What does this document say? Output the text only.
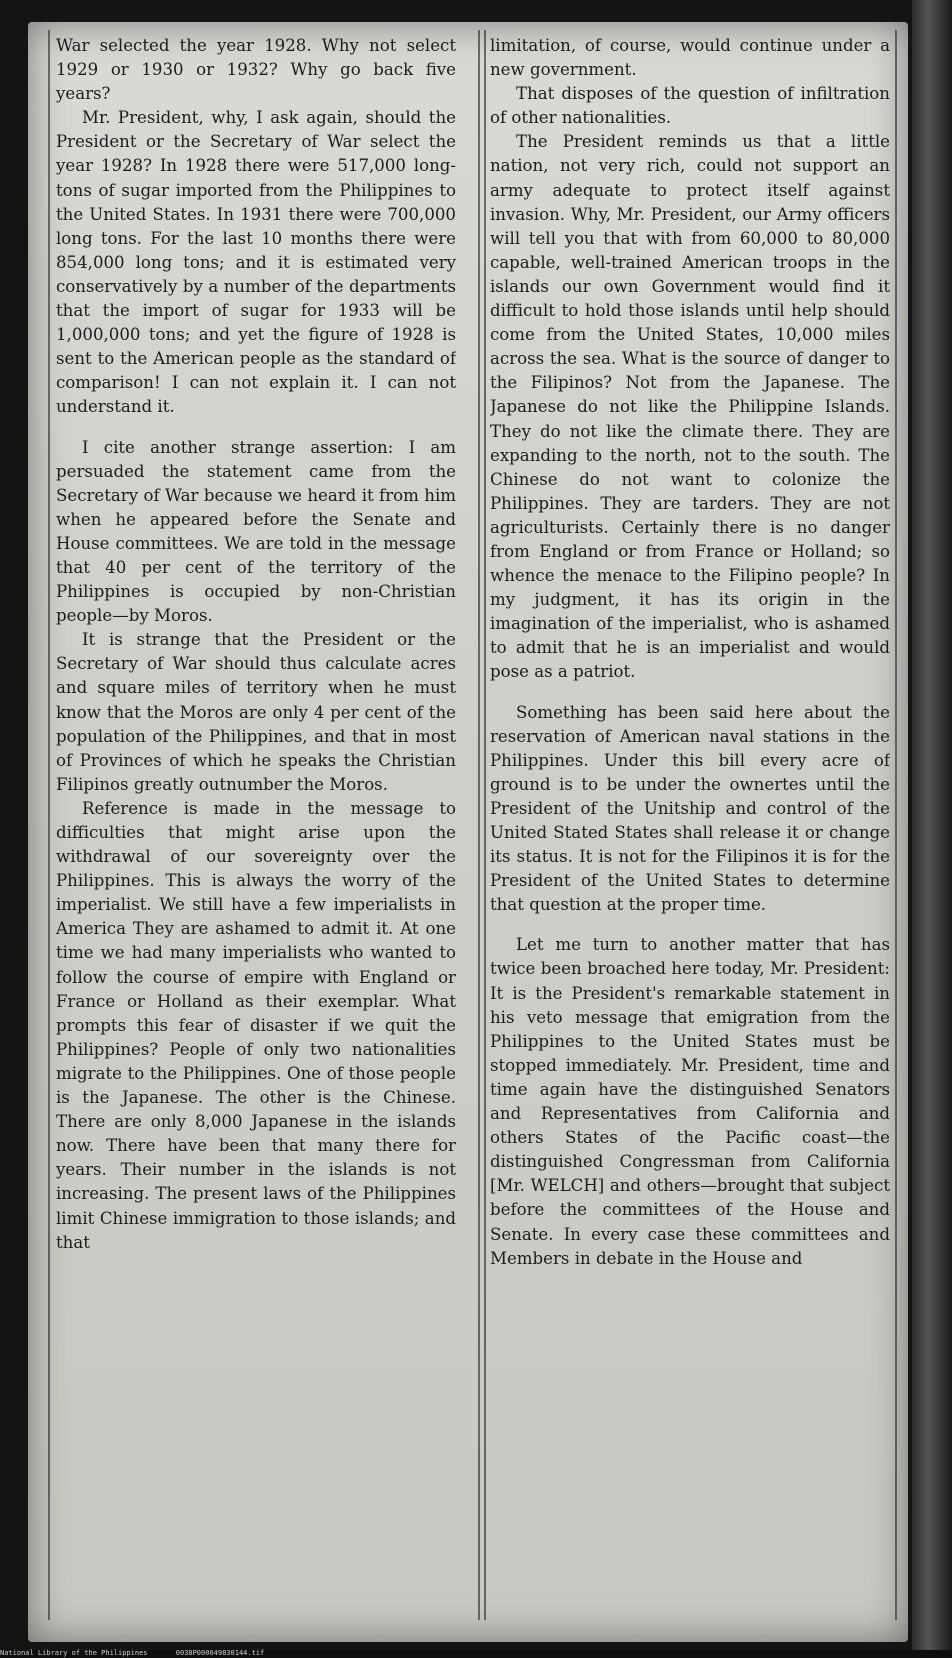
War selected the year 1928. Why not select 1929 or 1930 or 1932? Why go back five years?

Mr. President, why, I ask again, should the President or the Secretary of War select the year 1928? In 1928 there were 517,000 long-tons of sugar imported from the Philippines to the United States. In 1931 there were 700,000 long tons. For the last 10 months there were 854,000 long tons; and it is estimated very conservatively by a number of the departments that the import of sugar for 1933 will be 1,000,000 tons; and yet the figure of 1928 is sent to the American people as the standard of comparison! I can not explain it. I can not understand it.

I cite another strange assertion: I am persuaded the statement came from the Secretary of War because we heard it from him when he appeared before the Senate and House committees. We are told in the message that 40 per cent of the territory of the Philippines is occupied by non-Christian people—by Moros.

It is strange that the President or the Secretary of War should thus calculate acres and square miles of territory when he must know that the Moros are only 4 per cent of the population of the Philippines, and that in most of Provinces of which he speaks the Christian Filipinos greatly outnumber the Moros.

Reference is made in the message to difficulties that might arise upon the withdrawal of our sovereignty over the Philippines. This is always the worry of the imperialist. We still have a few imperialists in America They are ashamed to admit it. At one time we had many imperialists who wanted to follow the course of empire with England or France or Holland as their exemplar. What prompts this fear of disaster if we quit the Philippines? People of only two nationalities migrate to the Philippines. One of those people is the Japanese. The other is the Chinese. There are only 8,000 Japanese in the islands now. There have been that many there for years. Their number in the islands is not increasing. The present laws of the Philippines limit Chinese immigration to those islands; and that

limitation, of course, would continue under a new government.

That disposes of the question of infiltration of other nationalities.

The President reminds us that a little nation, not very rich, could not support an army adequate to protect itself against invasion. Why, Mr. President, our Army officers will tell you that with from 60,000 to 80,000 capable, well-trained American troops in the islands our own Government would find it difficult to hold those islands until help should come from the United States, 10,000 miles across the sea. What is the source of danger to the Filipinos? Not from the Japanese. The Japanese do not like the Philippine Islands. They do not like the climate there. They are expanding to the north, not to the south. The Chinese do not want to colonize the Philippines. They are tarders. They are not agriculturists. Certainly there is no danger from England or from France or Holland; so whence the menace to the Filipino people? In my judgment, it has its origin in the imagination of the imperialist, who is ashamed to admit that he is an imperialist and would pose as a patriot.

Something has been said here about the reservation of American naval stations in the Philippines. Under this bill every acre of ground is to be under the ownertes until the President of the Unitship and control of the United Stated States shall release it or change its status. It is not for the Filipinos it is for the President of the United States to determine that question at the proper time.

Let me turn to another matter that has twice been broached here today, Mr. President: It is the President's remarkable statement in his veto message that emigration from the Philippines to the United States must be stopped immediately. Mr. President, time and time again have the distinguished Senators and Representatives from California and others States of the Pacific coast—the distinguished Congressman from California [Mr. WELCH] and others—brought that subject before the committees of the House and Senate. In every case these committees and Members in debate in the House and

National Library of the Philippines	0038P000049830144.tif
